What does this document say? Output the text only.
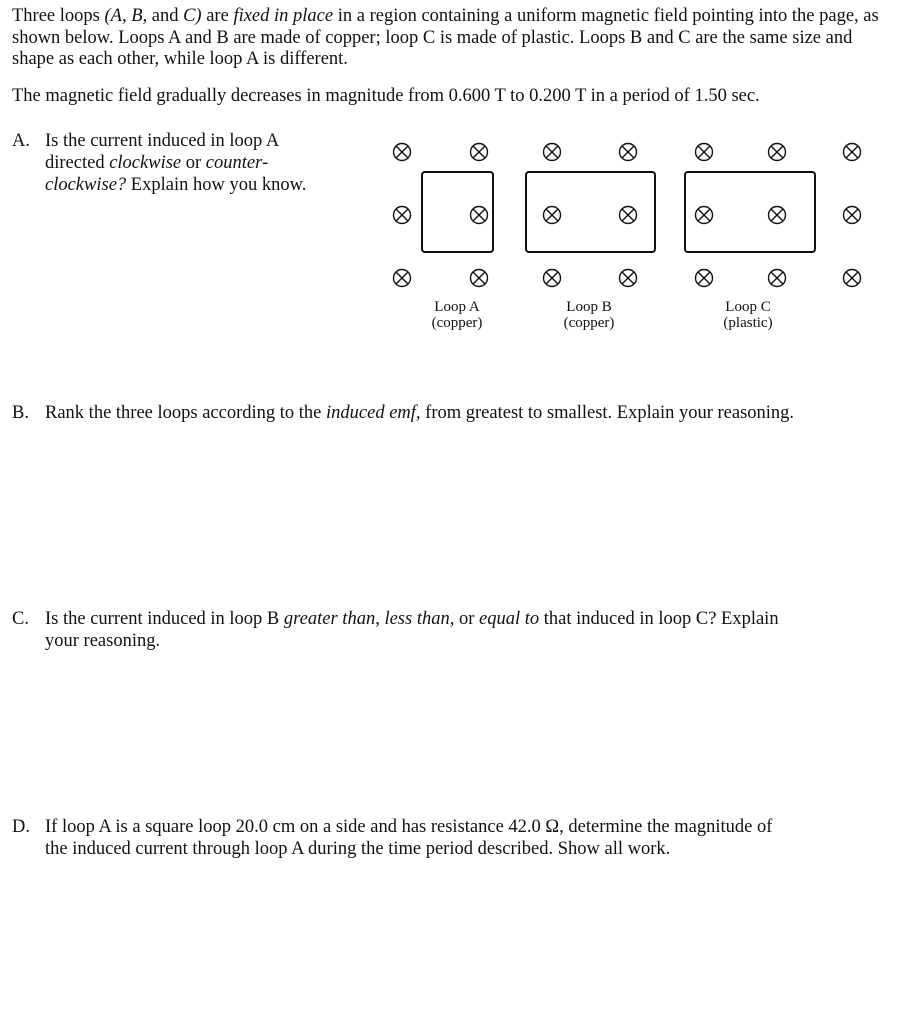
Three loops (A, B, and C) are fixed in place in a region containing a uniform magnetic field pointing into the page, as shown below. Loops A and B are made of copper; loop C is made of plastic. Loops B and C are the same size and shape as each other, while loop A is different.

The magnetic field gradually decreases in magnitude from 0.600 T to 0.200 T in a period of 1.50 sec.

A. Is the current induced in loop A
directed clockwise or counter-
clockwise? Explain how you know.
Loop A
(copper)
Loop B
(copper)
Loop C
(plastic)
B. Rank the three loops according to the induced emf, from greatest to smallest. Explain your reasoning.
C. Is the current induced in loop B greater than, less than, or equal to that induced in loop C? Explain
your reasoning.
D. If loop A is a square loop 20.0 cm on a side and has resistance 42.0 Ω, determine the magnitude of
the induced current through loop A during the time period described. Show all work.
